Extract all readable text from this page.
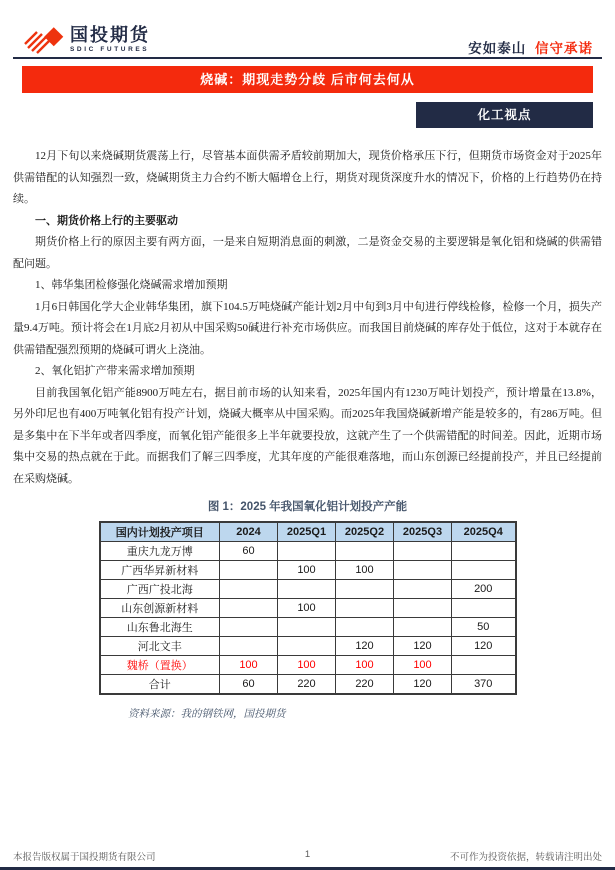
国投期货
SDIC FUTURES	安如泰山 信守承诺
烧碱：期现走势分歧 后市何去何从
化工视点

12月下旬以来烧碱期货震荡上行，尽管基本面供需矛盾较前期加大，现货价格承压下行，但期货市场资金对于2025年供需错配的认知强烈一致，烧碱期货主力合约不断大幅增仓上行，期货对现货深度升水的情况下，价格的上行趋势仍在持续。

一、期货价格上行的主要驱动

期货价格上行的原因主要有两方面，一是来自短期消息面的刺激，二是资金交易的主要逻辑是氧化铝和烧碱的供需错配问题。

1、韩华集团检修强化烧碱需求增加预期

1月6日韩国化学大企业韩华集团，旗下104.5万吨烧碱产能计划2月中旬到3月中旬进行停线检修，检修一个月，损失产量9.4万吨。预计将会在1月底2月初从中国采购50碱进行补充市场供应。而我国目前烧碱的库存处于低位，这对于本就存在供需错配强烈预期的烧碱可谓火上浇油。

2、氧化铝扩产带来需求增加预期

目前我国氧化铝产能8900万吨左右，据目前市场的认知来看，2025年国内有1230万吨计划投产，预计增量在13.8%，另外印尼也有400万吨氧化铝有投产计划，烧碱大概率从中国采购。而2025年我国烧碱新增产能是较多的，有286万吨。但是多集中在下半年或者四季度，而氧化铝产能很多上半年就要投放，这就产生了一个供需错配的时间差。因此，近期市场集中交易的热点就在于此。而据我们了解三四季度，尤其年度的产能很难落地，而山东创源已经提前投产，并且已经提前在采购烧碱。

图 1：2025 年我国氧化铝计划投产产能
国内计划投产项目	2024	2025Q1	2025Q2	2025Q3	2025Q4
重庆九龙万博	60				
广西华昇新材料		100	100		
广西广投北海					200
山东创源新材料		100			
山东鲁北海生					50
河北文丰			120	120	120
魏桥（置换）	100	100	100	100	
合计	60	220	220	120	370
资料来源：我的钢铁网，国投期货
1
本报告版权属于国投期货有限公司	不可作为投资依据，转载请注明出处
